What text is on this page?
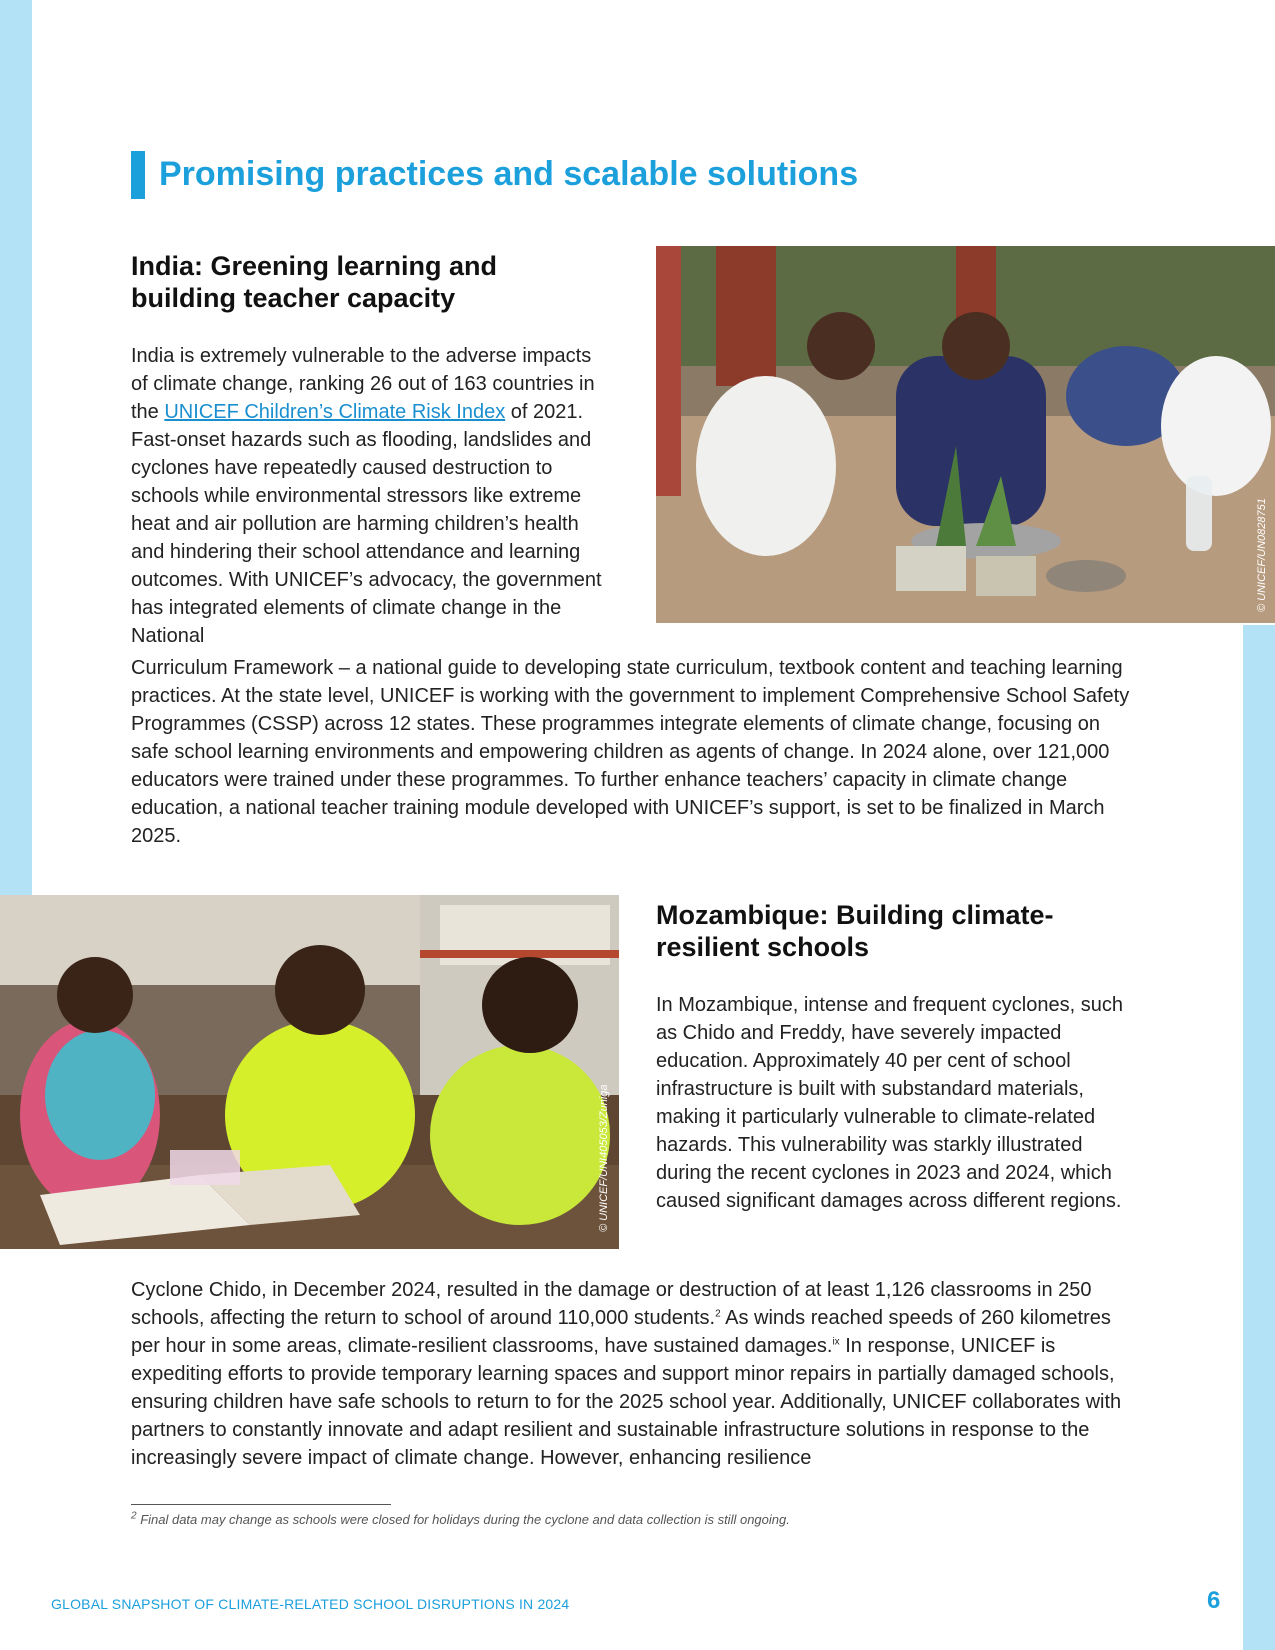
Promising practices and scalable solutions
India: Greening learning and building teacher capacity

India is extremely vulnerable to the adverse impacts of climate change, ranking 26 out of 163 countries in the UNICEF Children’s Climate Risk Index of 2021. Fast-onset hazards such as flooding, landslides and cyclones have repeatedly caused destruction to schools while environmental stressors like extreme heat and air pollution are harming children’s health and hindering their school attendance and learning outcomes. With UNICEF’s advocacy, the government has integrated elements of climate change in the National

Curriculum Framework – a national guide to developing state curriculum, textbook content and teaching learning practices. At the state level, UNICEF is working with the government to implement Comprehensive School Safety Programmes (CSSP) across 12 states. These programmes integrate elements of climate change, focusing on safe school learning environments and empowering children as agents of change. In 2024 alone, over 121,000 educators were trained under these programmes. To further enhance teachers’ capacity in climate change education, a national teacher training module developed with UNICEF’s support, is set to be finalized in March 2025.

© UNICEF/UN0828751
© UNICEF/UNI405053/Zuniga
Mozambique: Building climate-resilient schools

In Mozambique, intense and frequent cyclones, such as Chido and Freddy, have severely impacted education. Approximately 40 per cent of school infrastructure is built with substandard materials, making it particularly vulnerable to climate-related hazards. This vulnerability was starkly illustrated during the recent cyclones in 2023 and 2024, which caused significant damages across different regions.

Cyclone Chido, in December 2024, resulted in the damage or destruction of at least 1,126 classrooms in 250 schools, affecting the return to school of around 110,000 students.$^2$ As winds reached speeds of 260 kilometres per hour in some areas, climate-resilient classrooms, have sustained damages.$^{ix}$ In response, UNICEF is expediting efforts to provide temporary learning spaces and support minor repairs in partially damaged schools, ensuring children have safe schools to return to for the 2025 school year. Additionally, UNICEF collaborates with partners to constantly innovate and adapt resilient and sustainable infrastructure solutions in response to the increasingly severe impact of climate change. However, enhancing resilience

$^2$ Final data may change as schools were closed for holidays during the cyclone and data collection is still ongoing.
GLOBAL SNAPSHOT OF CLIMATE-RELATED SCHOOL DISRUPTIONS IN 2024	6
